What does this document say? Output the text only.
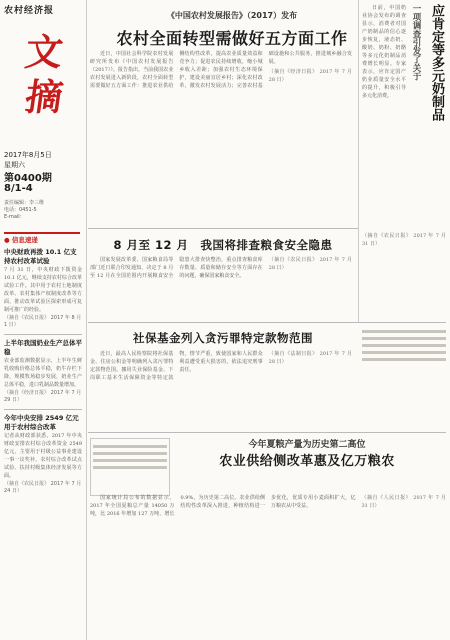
农村经济报
文
摘
2017年8月5日
星期六
第0400期
8/1-4
责任编辑：李三维
电话：0451-5
E-mail：
● 信息速递
中央财政再拨 10.1 亿支持农村改革试验
7 月 31 日，中央财政下拨资金 10.1 亿元，继续支持农村综合改革试验工作。其中用于农村土地制度改革、农村集体产权制度改革等方面，推动改革试验区探索形成可复制可推广的经验。
（摘自《农民日报》 2017 年 8 月 1 日）
上半年我国奶业生产总体平稳
农业部监测数据显示，上半年生鲜乳收购价格总体平稳，奶牛存栏下降，规模牧场稳步发展，奶业生产总体平稳，进口乳制品数量增加。
（摘自《经济日报》 2017 年 7 月 29 日）
今年中央安排 2549 亿元用于农村综合改革
记者从财政部获悉，2017 年中央财政安排农村综合改革资金 2549 亿元，主要用于村级公益事业建设一事一议奖补、农村综合改革试点试验、扶持村级集体经济发展等方面。
（摘自《农民日报》 2017 年 7 月 24 日）
《中国农村发展报告》（2017）发布
农村全面转型需做好五方面工作

近日，中国社会科学院农村发展研究所发布《中国农村发展报告（2017）》。报告指出，当前我国农业农村发展进入新阶段，农村全面转型需要做好五方面工作：推进农业供给侧结构性改革，提高农业质量效益和竞争力；促进农民持续增收，缩小城乡收入差距；加强农村生态环境保护，建设美丽宜居乡村；深化农村改革，激发农村发展活力；完善农村基础设施和公共服务，推进城乡融合发展。

（摘自《经济日报》 2017 年 7 月 28 日）

日前，中国奶业协会发布的调查显示，消费者对国产奶制品的信心逐步恢复，液态奶、酸奶、奶粉、奶酪等多元化奶制品消费增长明显。专家表示，应肯定国产奶业质量安全水平的提升，积极引导多元化消费。

一项调查引发了关于 应肯定等多元奶制品
（摘自《农民日报》 2017 年 7 月 31 日）
8 月至 12 月　我国将排查粮食安全隐患

国家发展改革委、国家粮食局等部门近日联合印发通知，决定于 8 月至 12 月在全国范围内开展粮食安全隐患大排查快整治，重点排查粮食库存数量、质量和储存安全等方面存在的问题，确保国家粮食安全。

（摘自《农民日报》 2017 年 7 月 28 日）
社保基金列入贪污罪特定款物范围

近日，最高人民检察院将社保基金、住房公积金等明确列入贪污罪特定款物范围。挪用失业保险基金、下岗职工基本生活保障资金等特定款物，情节严重，致使国家和人民群众利益遭受重大损害的，依法追究刑事责任。

（摘自《法制日报》 2017 年 7 月 28 日）
今年夏粮产量为历史第二高位
农业供给侧改革惠及亿万粮农

国家统计局公布的数据显示，2017 年全国夏粮总产量 14050 万吨，比 2016 年增加 127 万吨，增长 0.9%，为历史第二高位。农业供给侧结构性改革深入推进，种植结构进一步优化，优质专用小麦面积扩大，亿万粮农从中受益。

（摘自《人民日报》 2017 年 7 月 31 日）
